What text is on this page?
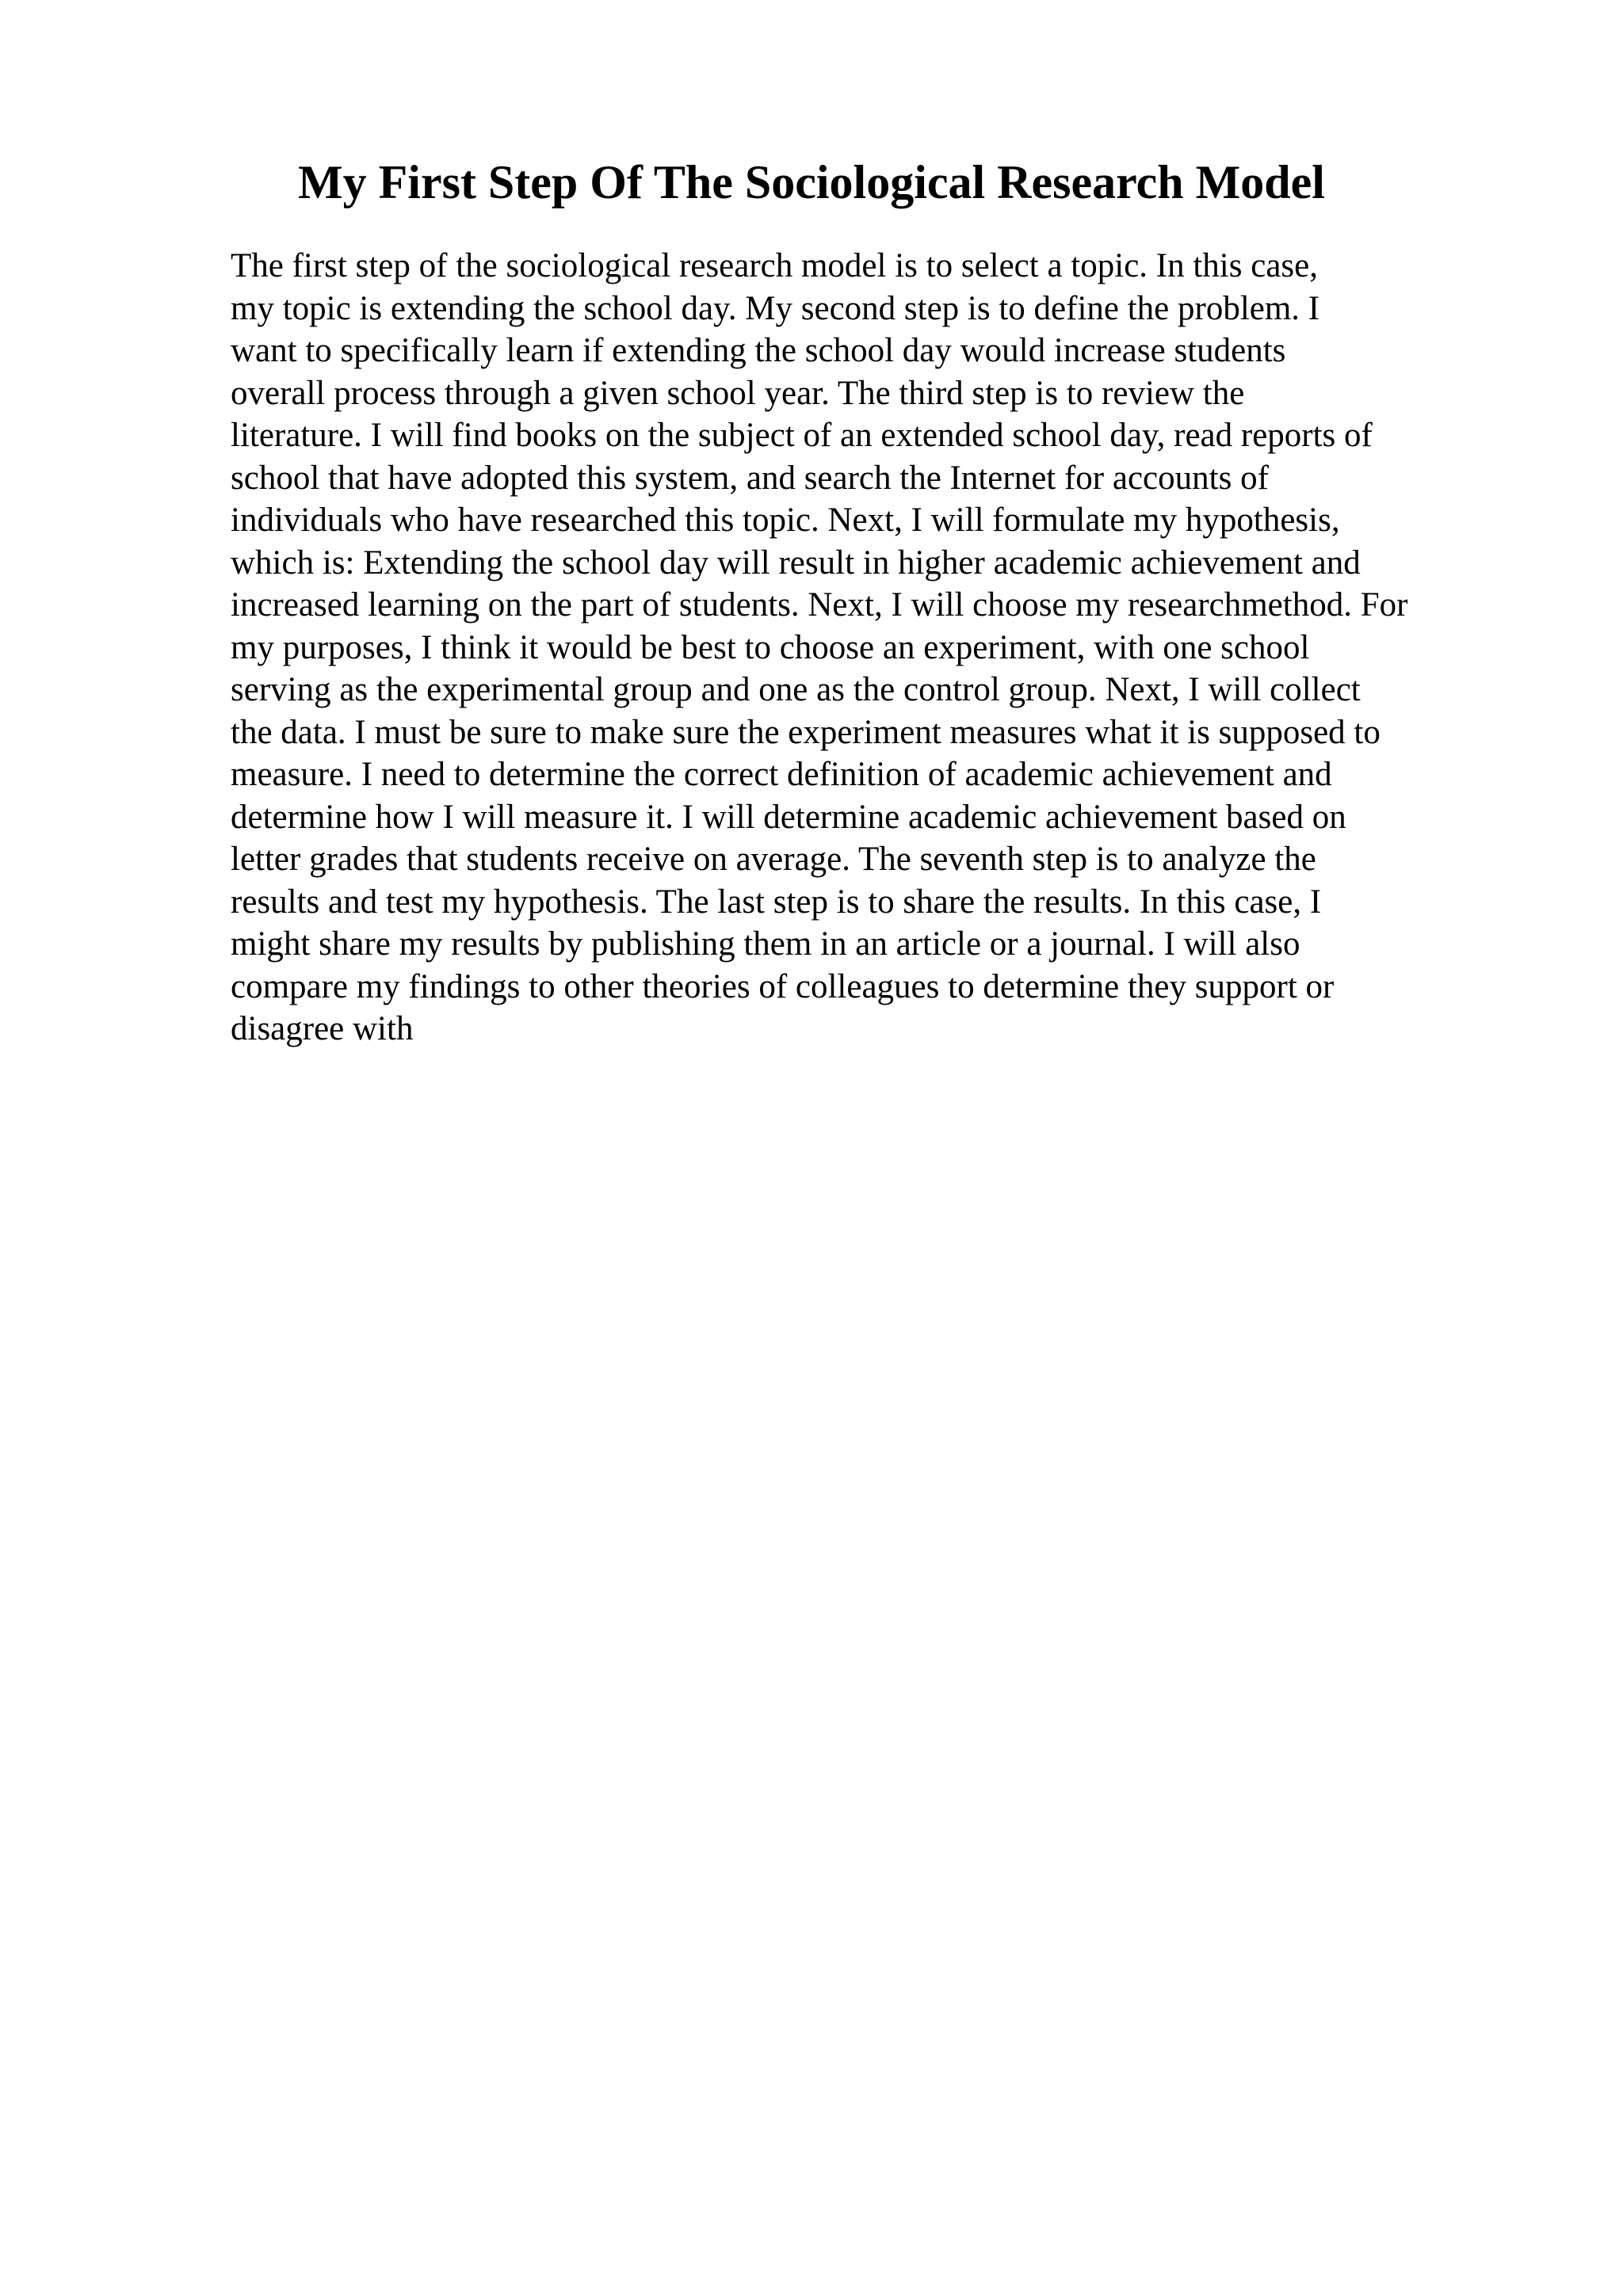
My First Step Of The Sociological Research Model
The first step of the sociological research model is to select a topic. In this case,
my topic is extending the school day. My second step is to define the problem. I
want to specifically learn if extending the school day would increase students
overall process through a given school year. The third step is to review the
literature. I will find books on the subject of an extended school day, read reports of
school that have adopted this system, and search the Internet for accounts of
individuals who have researched this topic. Next, I will formulate my hypothesis,
which is: Extending the school day will result in higher academic achievement and
increased learning on the part of students. Next, I will choose my researchmethod. For
my purposes, I think it would be best to choose an experiment, with one school
serving as the experimental group and one as the control group. Next, I will collect
the data. I must be sure to make sure the experiment measures what it is supposed to
measure. I need to determine the correct definition of academic achievement and
determine how I will measure it. I will determine academic achievement based on
letter grades that students receive on average. The seventh step is to analyze the
results and test my hypothesis. The last step is to share the results. In this case, I
might share my results by publishing them in an article or a journal. I will also
compare my findings to other theories of colleagues to determine they support or
disagree with
